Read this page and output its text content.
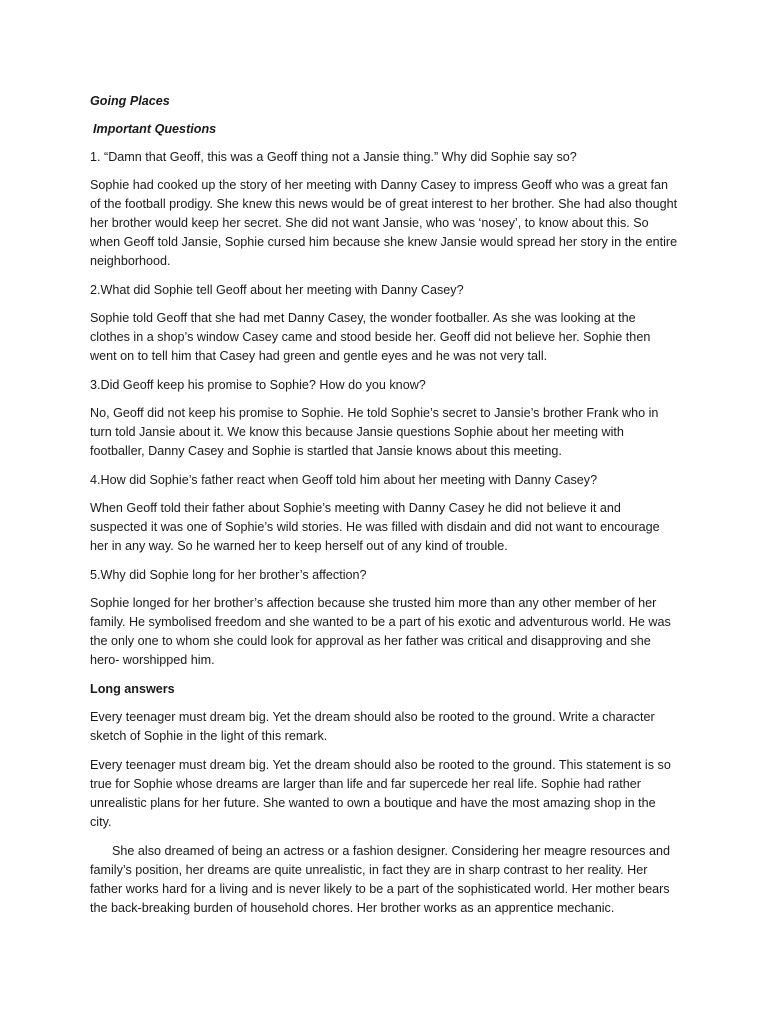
Going Places

Important Questions

1. “Damn that Geoff, this was a Geoff thing not a Jansie thing.” Why did Sophie say so?

Sophie had cooked up the story of her meeting with Danny Casey to impress Geoff who was a great fan of the football prodigy. She knew this news would be of great interest to her brother. She had also thought her brother would keep her secret. She did not want Jansie, who was ‘nosey’, to know about this. So when Geoff told Jansie, Sophie cursed him because she knew Jansie would spread her story in the entire neighborhood.

2.What did Sophie tell Geoff about her meeting with Danny Casey?

Sophie told Geoff that she had met Danny Casey, the wonder footballer. As she was looking at the clothes in a shop’s window Casey came and stood beside her. Geoff did not believe her. Sophie then went on to tell him that Casey had green and gentle eyes and he was not very tall.

3.Did Geoff keep his promise to Sophie? How do you know?

No, Geoff did not keep his promise to Sophie. He told Sophie’s secret to Jansie’s brother Frank who in turn told Jansie about it. We know this because Jansie questions Sophie about her meeting with footballer, Danny Casey and Sophie is startled that Jansie knows about this meeting.

4.How did Sophie’s father react when Geoff told him about her meeting with Danny Casey?

When Geoff told their father about Sophie’s meeting with Danny Casey he did not believe it and suspected it was one of Sophie’s wild stories. He was filled with disdain and did not want to encourage her in any way. So he warned her to keep herself out of any kind of trouble.

5.Why did Sophie long for her brother’s affection?

Sophie longed for her brother’s affection because she trusted him more than any other member of her family. He symbolised freedom and she wanted to be a part of his exotic and adventurous world. He was the only one to whom she could look for approval as her father was critical and disapproving and she hero- worshipped him.

Long answers

Every teenager must dream big. Yet the dream should also be rooted to the ground. Write a character sketch of Sophie in the light of this remark.

Every teenager must dream big. Yet the dream should also be rooted to the ground. This statement is so true for Sophie whose dreams are larger than life and far supercede her real life. Sophie had rather unrealistic plans for her future. She wanted to own a boutique and have the most amazing shop in the city.

She also dreamed of being an actress or a fashion designer. Considering her meagre resources and family’s position, her dreams are quite unrealistic, in fact they are in sharp contrast to her reality. Her father works hard for a living and is never likely to be a part of the sophisticated world. Her mother bears the back-breaking burden of household chores. Her brother works as an apprentice mechanic.
